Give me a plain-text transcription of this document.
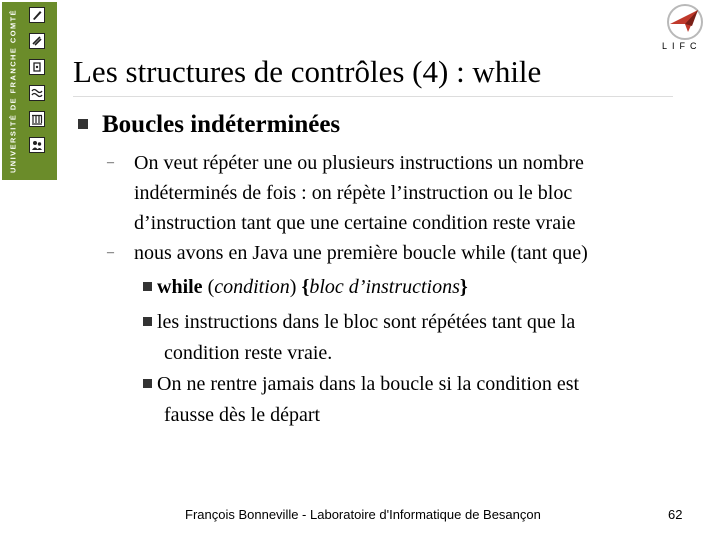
UNIVERSITÉ DE FRANCHE COMTÉ	LIFC
Les structures de contrôles (4) : while
Boucles indéterminées
– On veut répéter une ou plusieurs instructions un nombre
indéterminés de fois : on répète l’instruction ou le bloc
d’instruction tant que une certaine condition reste vraie
– nous avons en Java une première boucle while (tant que)
while (condition) {bloc d’instructions}
les instructions dans le bloc sont répétées tant que la
condition reste vraie.
On ne rentre jamais dans la boucle si la condition est
fausse dès le départ
François Bonneville - Laboratoire d'Informatique de Besançon	62
